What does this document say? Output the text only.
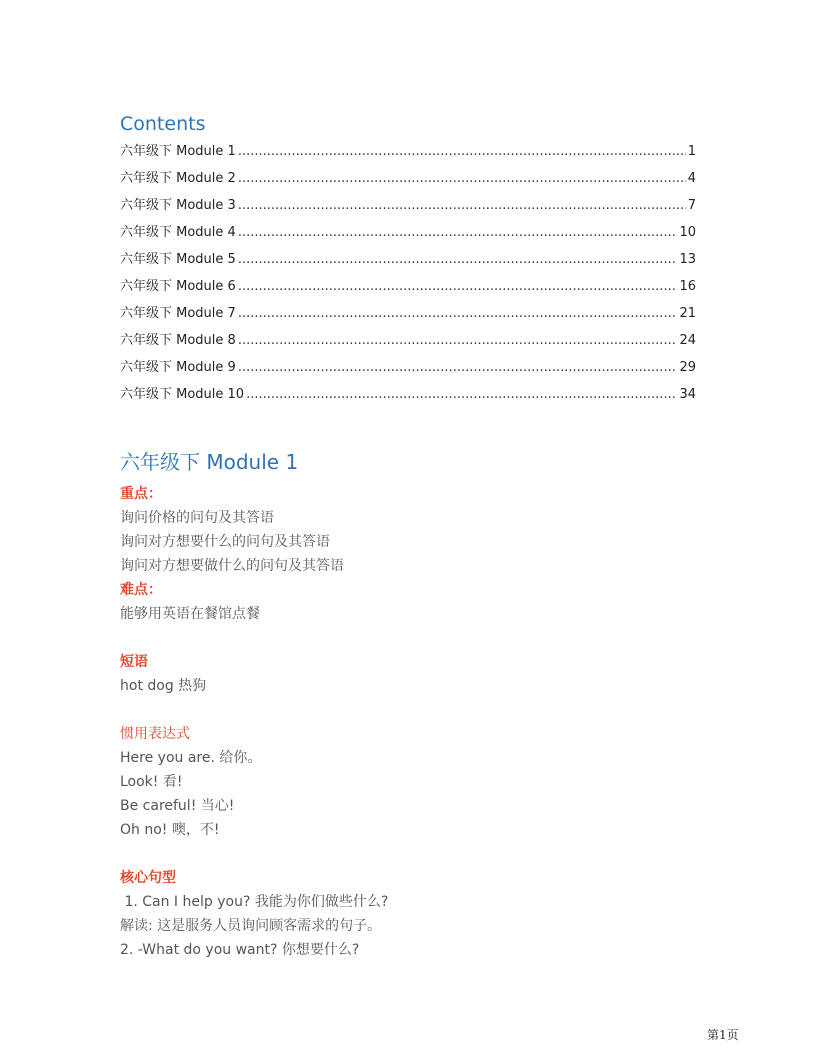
Contents
六年级下 Module 1 .....	1
六年级下 Module 2 .....	4
六年级下 Module 3 .....	7
六年级下 Module 4 .....	10
六年级下 Module 5 .....	13
六年级下 Module 6 .....	16
六年级下 Module 7 .....	21
六年级下 Module 8 .....	24
六年级下 Module 9 .....	29
六年级下 Module 10 .....	34
六年级下 Module 1

重点：

询问价格的问句及其答语

询问对方想要什么的问句及其答语

询问对方想要做什么的问句及其答语

难点：

能够用英语在餐馆点餐

短语

hot dog 热狗

惯用表达式

Here you are. 给你。

Look! 看!

Be careful! 当心!

Oh no! 噢，不!

核心句型

1. Can I help you? 我能为你们做些什么?

解读: 这是服务人员询问顾客需求的句子。

2. -What do you want? 你想要什么?

第1页
